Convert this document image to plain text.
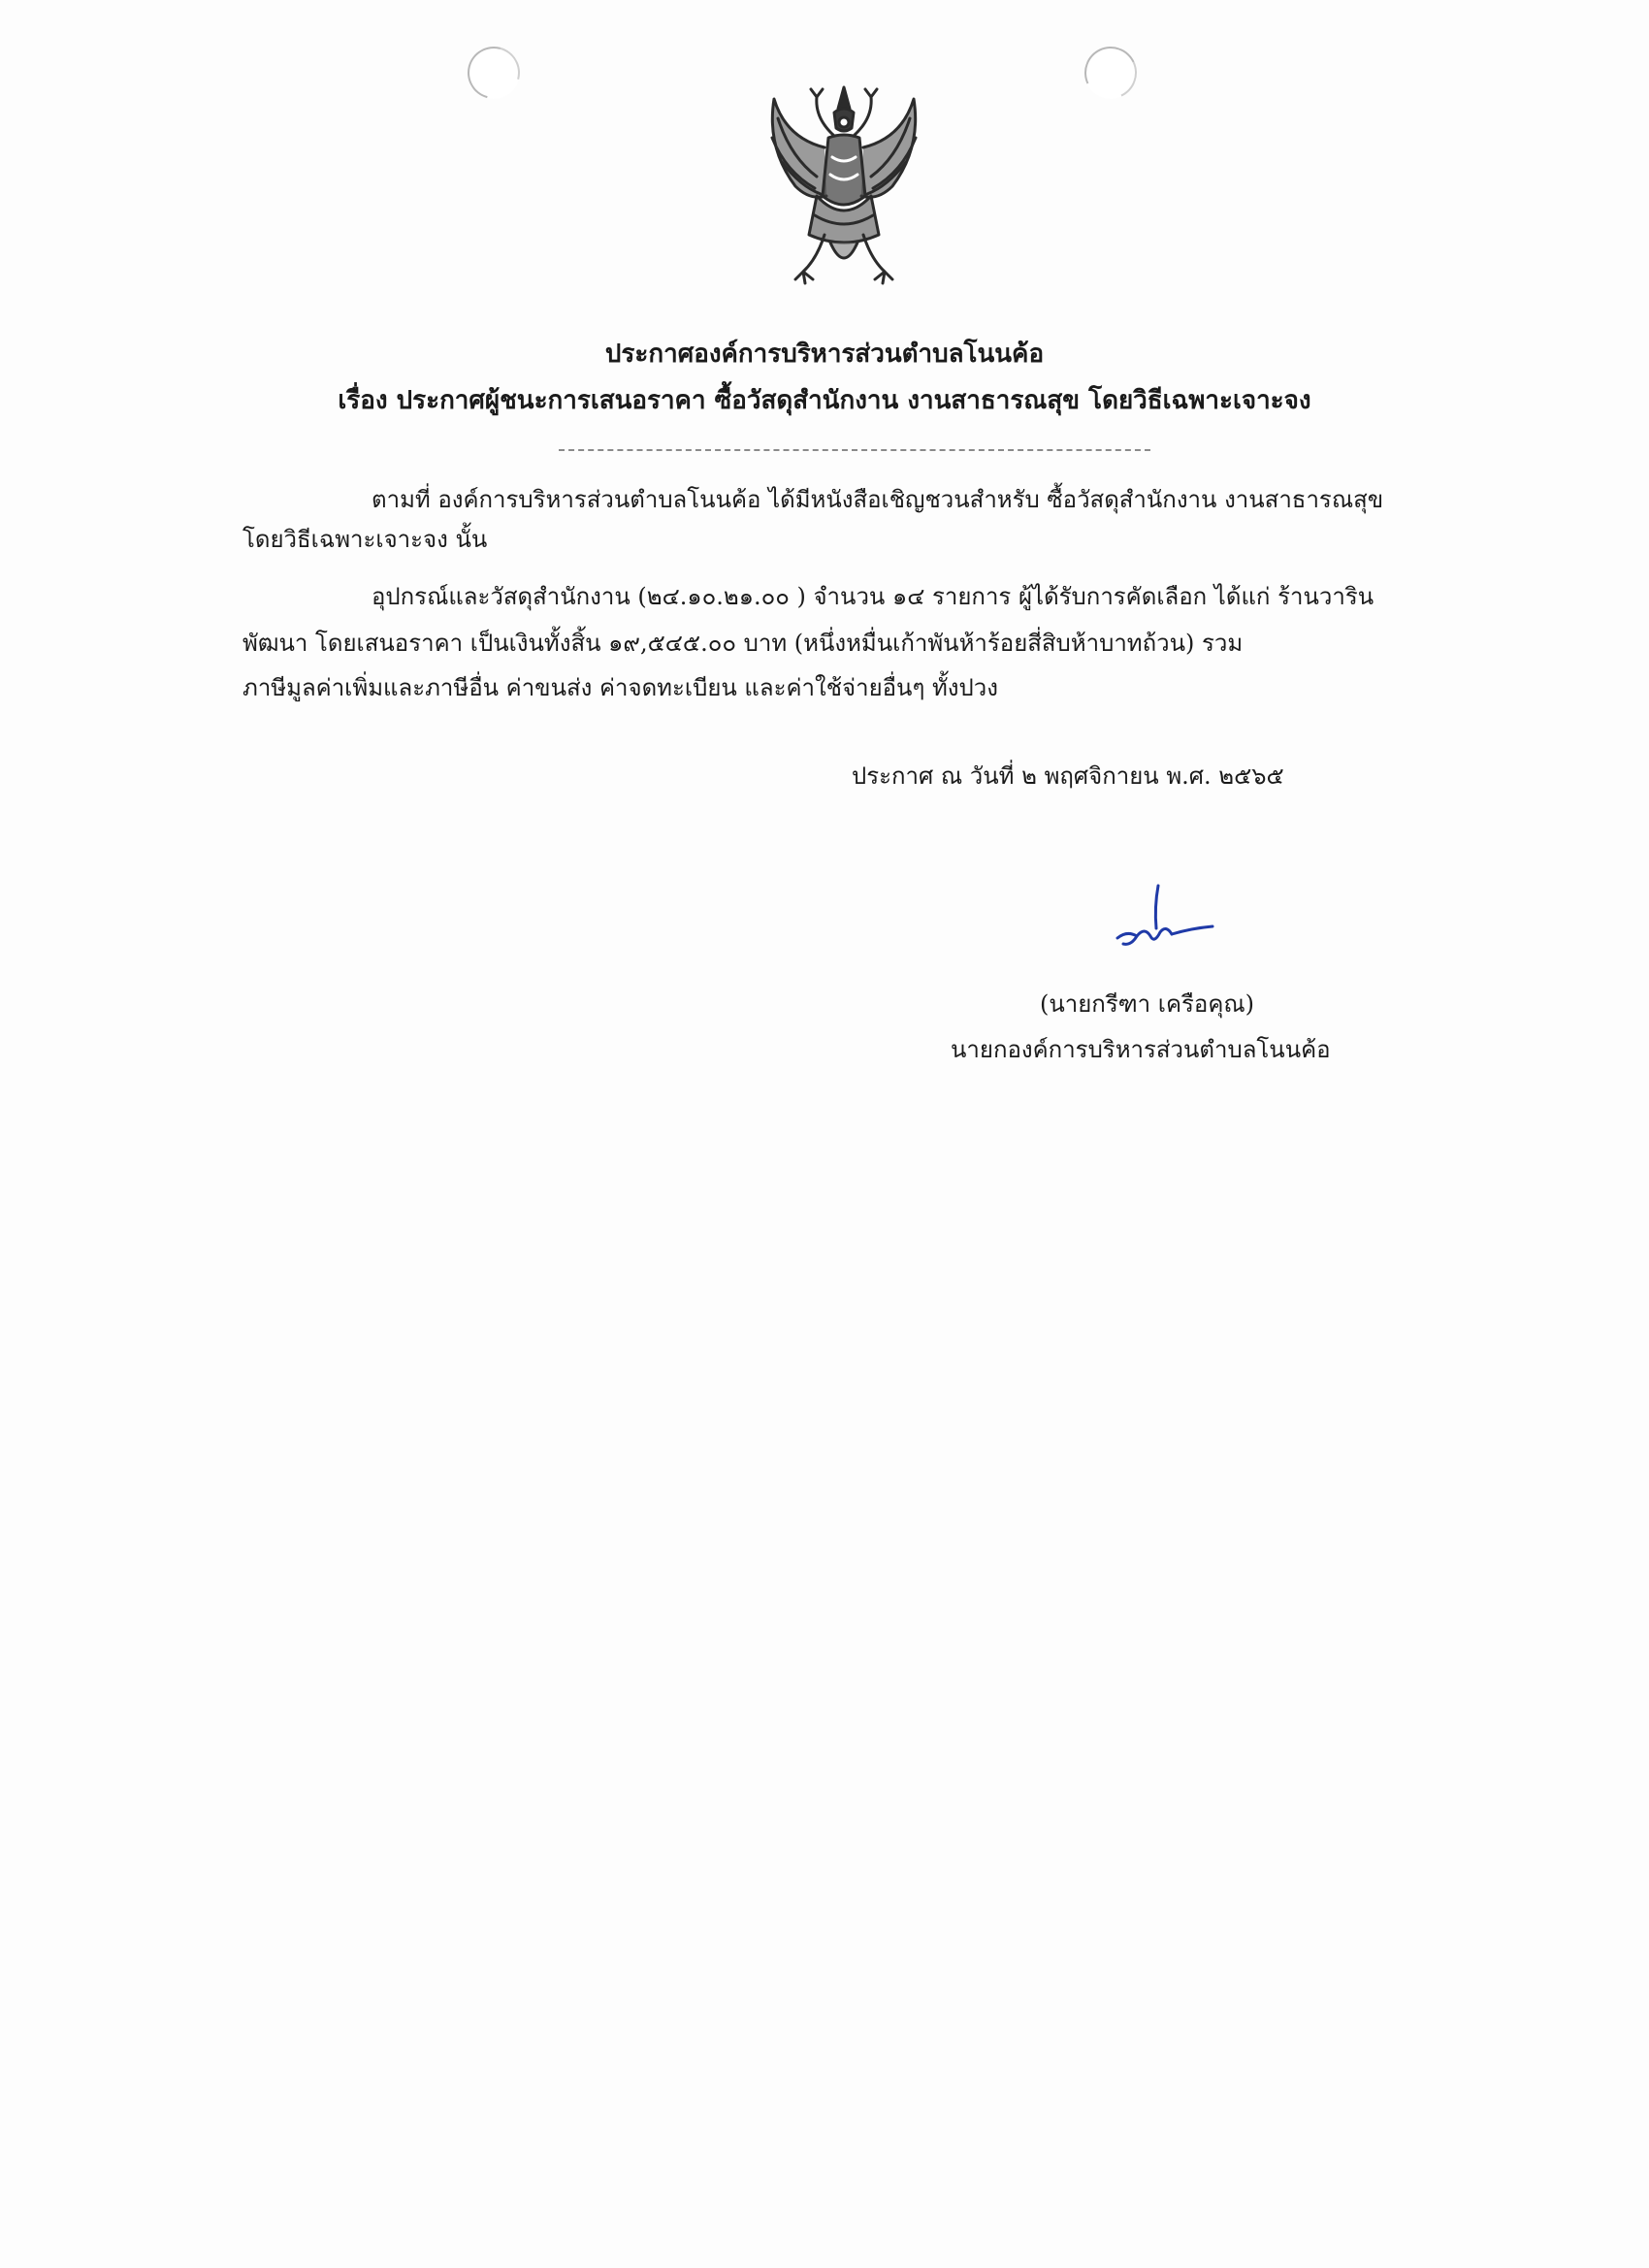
ประกาศองค์การบริหารส่วนตำบลโนนค้อ
เรื่อง ประกาศผู้ชนะการเสนอราคา ซื้อวัสดุสำนักงาน งานสาธารณสุข โดยวิธีเฉพาะเจาะจง
ตามที่ องค์การบริหารส่วนตำบลโนนค้อ ได้มีหนังสือเชิญชวนสำหรับ ซื้อวัสดุสำนักงาน งานสาธารณสุข
โดยวิธีเฉพาะเจาะจง นั้น
อุปกรณ์และวัสดุสำนักงาน (๒๔.๑๐.๒๑.๐๐ ) จำนวน ๑๔ รายการ ผู้ได้รับการคัดเลือก ได้แก่ ร้านวาริน
พัฒนา โดยเสนอราคา เป็นเงินทั้งสิ้น ๑๙,๕๔๕.๐๐ บาท (หนึ่งหมื่นเก้าพันห้าร้อยสี่สิบห้าบาทถ้วน) รวม
ภาษีมูลค่าเพิ่มและภาษีอื่น ค่าขนส่ง ค่าจดทะเบียน และค่าใช้จ่ายอื่นๆ ทั้งปวง
ประกาศ ณ วันที่ ๒ พฤศจิกายน พ.ศ. ๒๕๖๕
(นายกรีฑา เครือคุณ)
นายกองค์การบริหารส่วนตำบลโนนค้อ
